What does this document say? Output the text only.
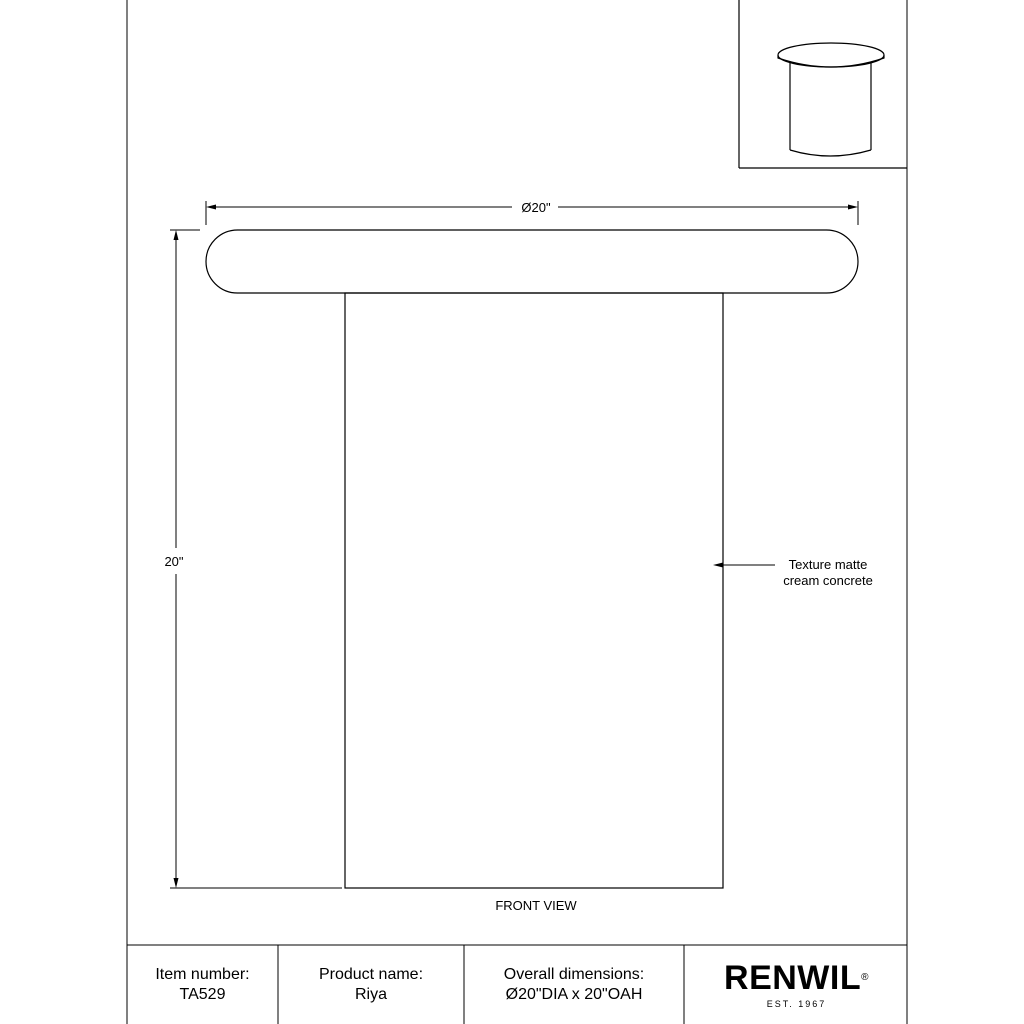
Ø20"
20"	Texture matte
cream concrete
FRONT VIEW
Item number:
TA529
Product name:
Riya
Overall dimensions:
Ø20"DIA x 20"OAH RENWIL®
EST. 1967
